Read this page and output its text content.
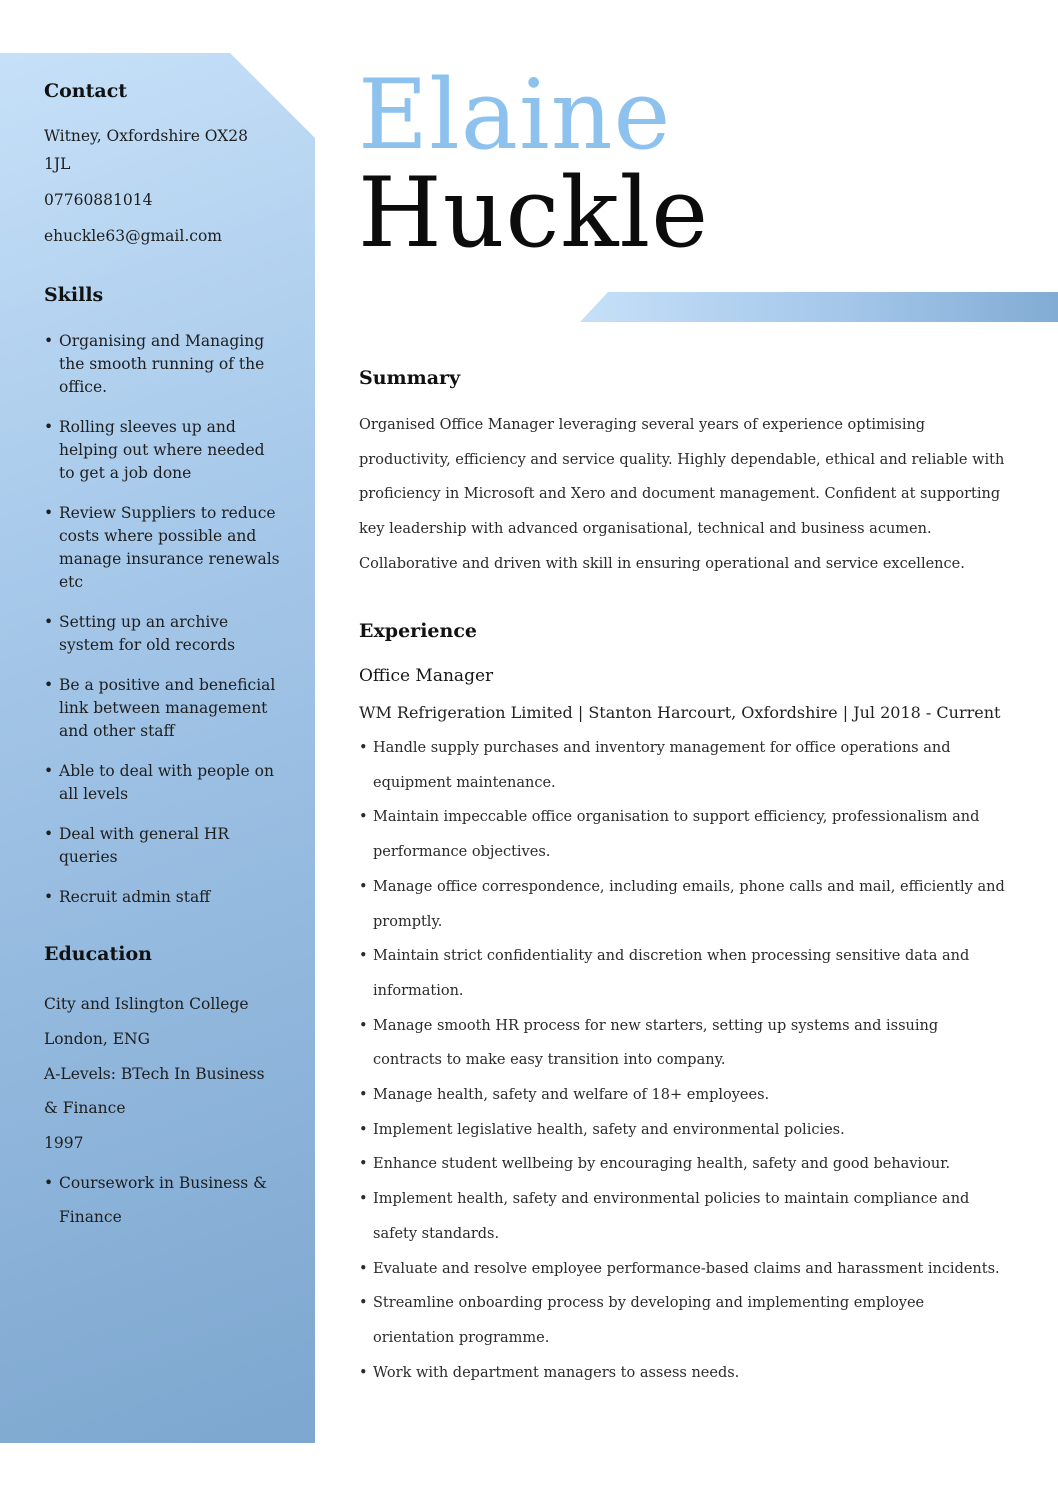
Contact

Witney, Oxfordshire OX28

1JL

07760881014

ehuckle63@gmail.com

Skills
• Organising and Managing the smooth running of the office.
• Rolling sleeves up and helping out where needed to get a job done
• Review Suppliers to reduce costs where possible and manage insurance renewals etc
• Setting up an archive system for old records
• Be a positive and beneficial link between management and other staff
• Able to deal with people on all levels
• Deal with general HR queries
• Recruit admin staff
Education

City and Islington College

London, ENG

A-Levels: BTech In Business

& Finance

1997

• Coursework in Business & Finance
Elaine
Huckle
Summary

Organised Office Manager leveraging several years of experience optimising productivity, efficiency and service quality. Highly dependable, ethical and reliable with proficiency in Microsoft and Xero and document management. Confident at supporting key leadership with advanced organisational, technical and business acumen. Collaborative and driven with skill in ensuring operational and service excellence.

Experience

Office Manager

WM Refrigeration Limited | Stanton Harcourt, Oxfordshire | Jul 2018 - Current

• Handle supply purchases and inventory management for office operations and equipment maintenance.
• Maintain impeccable office organisation to support efficiency, professionalism and performance objectives.
• Manage office correspondence, including emails, phone calls and mail, efficiently and promptly.
• Maintain strict confidentiality and discretion when processing sensitive data and information.
• Manage smooth HR process for new starters, setting up systems and issuing contracts to make easy transition into company.
• Manage health, safety and welfare of 18+ employees.
• Implement legislative health, safety and environmental policies.
• Enhance student wellbeing by encouraging health, safety and good behaviour.
• Implement health, safety and environmental policies to maintain compliance and safety standards.
• Evaluate and resolve employee performance-based claims and harassment incidents.
• Streamline onboarding process by developing and implementing employee orientation programme.
• Work with department managers to assess needs.
